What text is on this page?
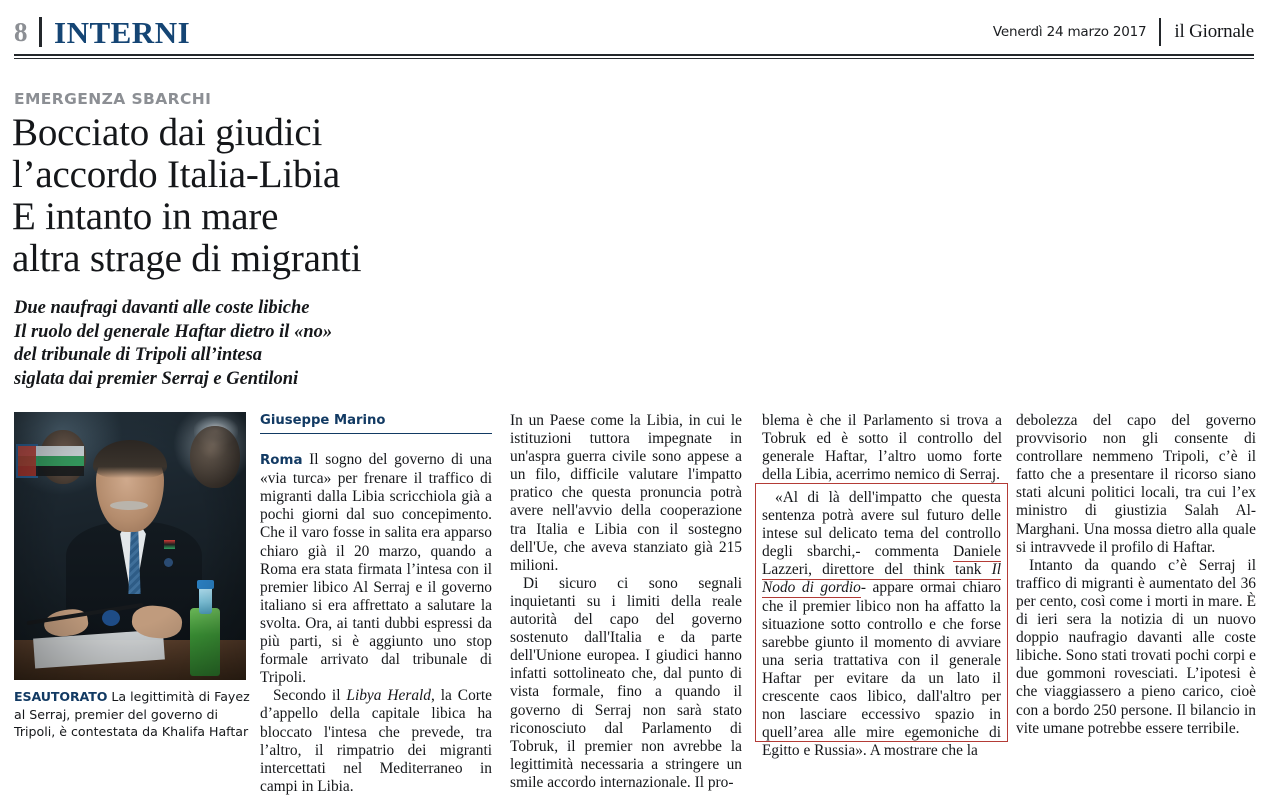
8 INTERNI	Venerdì 24 marzo 2017	il Giornale
EMERGENZA SBARCHI
Bocciato dai giudici
l’accordo Italia-Libia
E intanto in mare
altra strage di migranti
Due naufragi davanti alle coste libiche
Il ruolo del generale Haftar dietro il «no»
del tribunale di Tripoli all’intesa
siglata dai premier Serraj e Gentiloni
ESAUTORATO La legittimità di Fayez al Serraj, premier del governo di Tripoli, è contestata da Khalifa Haftar
Giuseppe Marino

Roma Il sogno del governo di una «via turca» per frenare il traffico di migranti dalla Libia scricchiola già a pochi giorni dal suo concepimento. Che il varo fosse in salita era apparso chiaro già il 20 marzo, quando a Roma era stata firmata l’intesa con il premier libico Al Serraj e il governo italiano si era affrettato a salutare la svolta. Ora, ai tanti dubbi espressi da più parti, si è aggiunto uno stop formale arrivato dal tribunale di Tripoli.

Secondo il Libya Herald, la Corte d’appello della capitale libica ha bloccato l'intesa che prevede, tra l’altro, il rimpatrio dei migranti intercettati nel Mediterraneo in campi in Libia.

In un Paese come la Libia, in cui le istituzioni tuttora impegnate in un'aspra guerra civile sono appese a un filo, difficile valutare l'impatto pratico che questa pronuncia potrà avere nell'avvio della cooperazione tra Italia e Libia con il sostegno dell'Ue, che aveva stanziato già 215 milioni.

Di sicuro ci sono segnali inquietanti su i limiti della reale autorità del capo del governo sostenuto dall'Italia e da parte dell'Unione europea. I giudici hanno infatti sottolineato che, dal punto di vista formale, fino a quando il governo di Serraj non sarà stato riconosciuto dal Parlamento di Tobruk, il premier non avrebbe la legittimità necessaria a stringere un smile accordo internazionale. Il pro-

blema è che il Parlamento si trova a Tobruk ed è sotto il controllo del generale Haftar, l’altro uomo forte della Libia, acerrimo nemico di Serraj.

«Al di là dell'impatto che questa sentenza potrà avere sul futuro delle intese sul delicato tema del controllo degli sbarchi,- commenta Daniele Lazzeri, direttore del think tank Il Nodo di gordio- appare ormai chiaro che il premier libico non ha affatto la situazione sotto controllo e che forse sarebbe giunto il momento di avviare una seria trattativa con il generale Haftar per evitare da un lato il crescente caos libico, dall'altro per non lasciare eccessivo spazio in quell’area alle mire egemoniche di Egitto e Russia». A mostrare che la

debolezza del capo del governo provvisorio non gli consente di controllare nemmeno Tripoli, c’è il fatto che a presentare il ricorso siano stati alcuni politici locali, tra cui l’ex ministro di giustizia Salah Al-Marghani. Una mossa dietro alla quale si intravvede il profilo di Haftar.

Intanto da quando c’è Serraj il traffico di migranti è aumentato del 36 per cento, così come i morti in mare. È di ieri sera la notizia di un nuovo doppio naufragio davanti alle coste libiche. Sono stati trovati pochi corpi e due gommoni rovesciati. L’ipotesi è che viaggiassero a pieno carico, cioè con a bordo 250 persone. Il bilancio in vite umane potrebbe essere terribile.
